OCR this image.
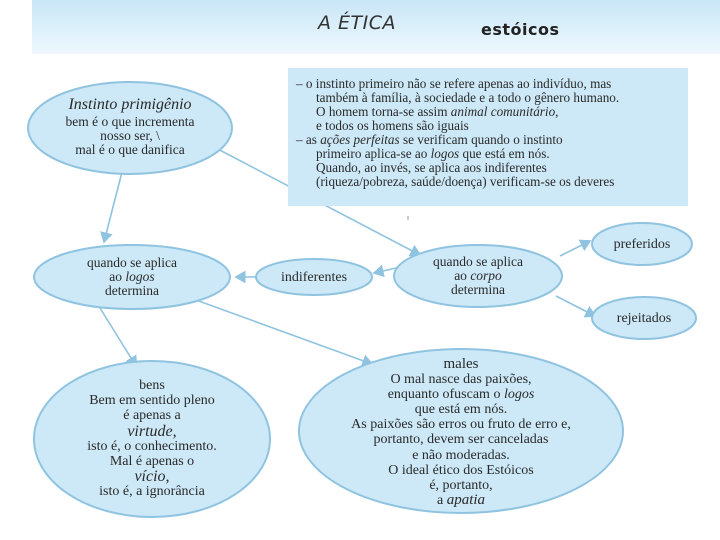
A ÉTICA	estóicos
– o instinto primeiro não se refere apenas ao indivíduo, mas
também à família, à sociedade e a todo o gênero humano.
O homem torna-se assim animal comunitário,
e todos os homens são iguais
– as ações perfeitas se verificam quando o instinto
primeiro aplica-se ao logos que está em nós.
Quando, ao invés, se aplica aos indiferentes
(riqueza/pobreza, saúde/doença) verificam-se os deveres
Instinto primigênio
bem é o que incrementa
nosso ser, \
mal é o que danifica
quando se aplica
ao logos
determina
indiferentes
quando se aplica
ao corpo
determina
preferidos
rejeitados
bens
Bem em sentido pleno
é apenas a
virtude,
isto é, o conhecimento.
Mal é apenas o
vício,
isto é, a ignorância
males
O mal nasce das paixões,
enquanto ofuscam o logos
que está em nós.
As paixões são erros ou fruto de erro e,
portanto, devem ser canceladas
e não moderadas.
O ideal ético dos Estóicos
é, portanto,
a apatia
